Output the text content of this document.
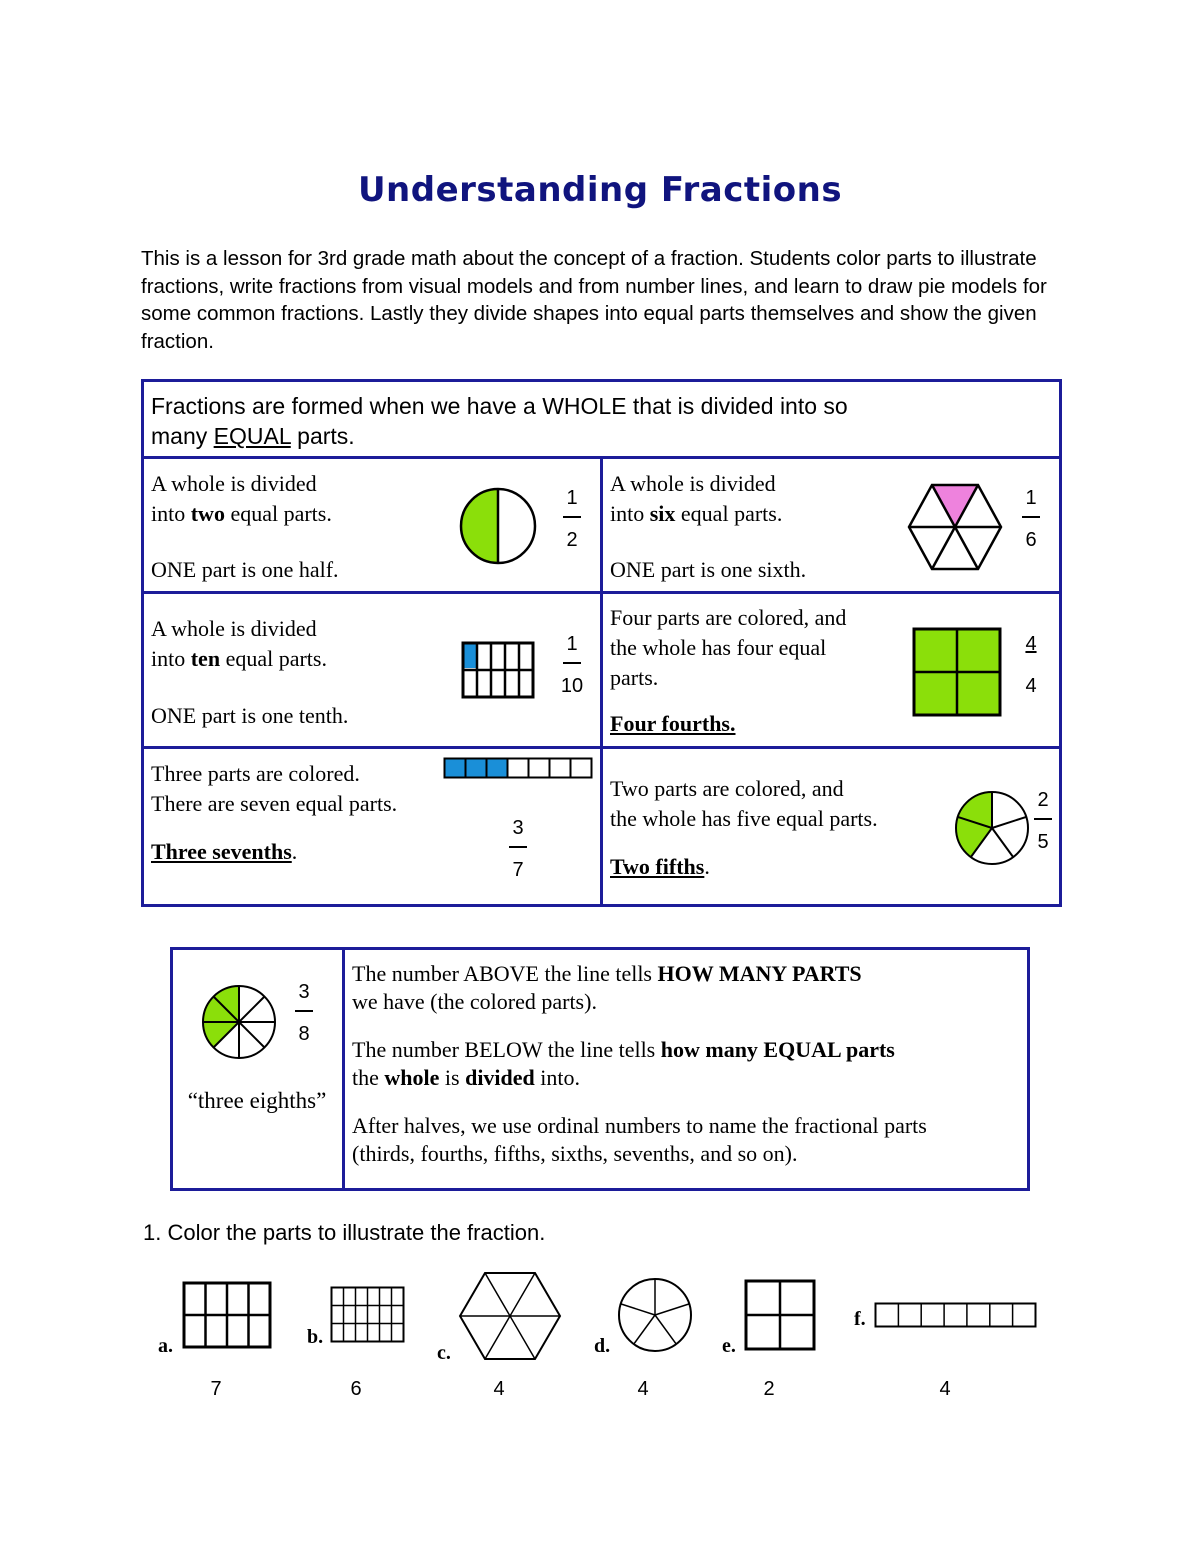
Understanding Fractions
This is a lesson for 3rd grade math about the concept of a fraction. Students color parts to illustrate fractions, write fractions from visual models and from number lines, and learn to draw pie models for some common fractions. Lastly they divide shapes into equal parts themselves and show the given fraction.
Fractions are formed when we have a WHOLE that is divided into so
many EQUAL parts.
A whole is divided
into two equal parts.
ONE part is one half.
1
2
A whole is divided
into six equal parts.
ONE part is one sixth.
1
6
A whole is divided
into ten equal parts.
ONE part is one tenth.
1
10
Four parts are colored, and
the whole has four equal
parts.
Four fourths.
$\frac{4}{4}$
Three parts are colored.
There are seven equal parts.
Three sevenths.
3
7
Two parts are colored, and
the whole has five equal parts.
Two fifths.
2
5
3
8
“three eighths”
The number ABOVE the line tells HOW MANY PARTS
we have (the colored parts).
The number BELOW the line tells how many EQUAL parts
the whole is divided into.
After halves, we use ordinal numbers to name the fractional parts
(thirds, fourths, fifths, sixths, sevenths, and so on).
1. Color the parts to illustrate the fraction.
a.
7
b.
6
c.
4
d.
4
e.
2
f.
4
